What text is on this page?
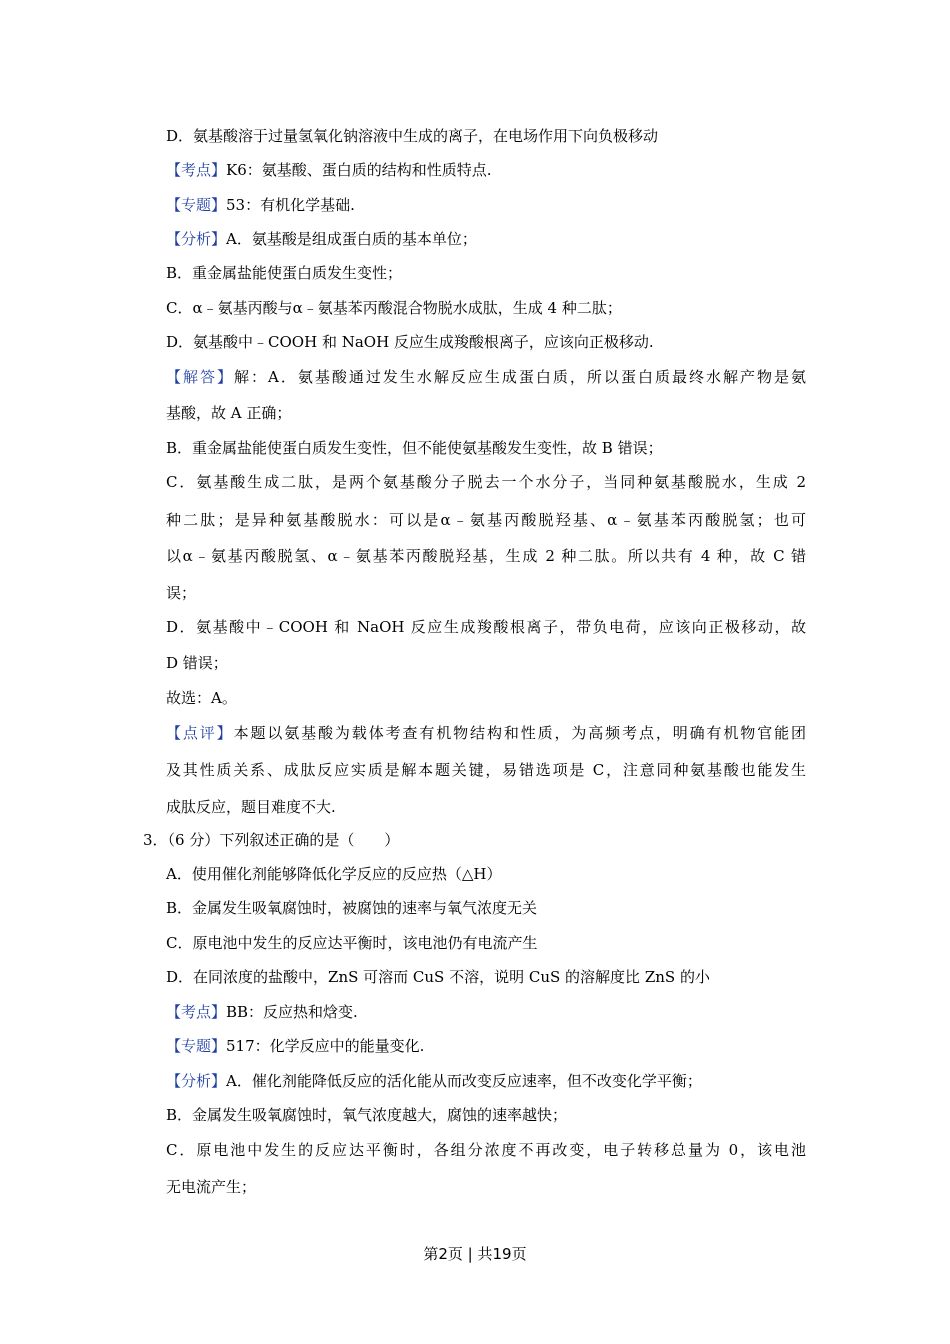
D．氨基酸溶于过量氢氧化钠溶液中生成的离子，在电场作用下向负极移动
【考点】K6：氨基酸、蛋白质的结构和性质特点.
【专题】53：有机化学基础.
【分析】A．氨基酸是组成蛋白质的基本单位；
B．重金属盐能使蛋白质发生变性；
C．α﹣氨基丙酸与α﹣氨基苯丙酸混合物脱水成肽，生成 4 种二肽；
D．氨基酸中﹣COOH 和 NaOH 反应生成羧酸根离子，应该向正极移动.
【解答】解：A．氨基酸通过发生水解反应生成蛋白质，所以蛋白质最终水解产物是氨
基酸，故 A 正确；
B．重金属盐能使蛋白质发生变性，但不能使氨基酸发生变性，故 B 错误；
C．氨基酸生成二肽，是两个氨基酸分子脱去一个水分子，当同种氨基酸脱水，生成 2
种二肽；是异种氨基酸脱水：可以是α﹣氨基丙酸脱羟基、α﹣氨基苯丙酸脱氢；也可
以α﹣氨基丙酸脱氢、α﹣氨基苯丙酸脱羟基，生成 2 种二肽。所以共有 4 种，故 C 错
误；
D．氨基酸中﹣COOH 和 NaOH 反应生成羧酸根离子，带负电荷，应该向正极移动，故
D 错误；
故选：A。
【点评】本题以氨基酸为载体考查有机物结构和性质，为高频考点，明确有机物官能团
及其性质关系、成肽反应实质是解本题关键，易错选项是 C，注意同种氨基酸也能发生
成肽反应，题目难度不大.
3．（6 分）下列叙述正确的是（　　）
A．使用催化剂能够降低化学反应的反应热（△H）
B．金属发生吸氧腐蚀时，被腐蚀的速率与氧气浓度无关
C．原电池中发生的反应达平衡时，该电池仍有电流产生
D．在同浓度的盐酸中，ZnS 可溶而 CuS 不溶，说明 CuS 的溶解度比 ZnS 的小
【考点】BB：反应热和焓变.
【专题】517：化学反应中的能量变化.
【分析】A．催化剂能降低反应的活化能从而改变反应速率，但不改变化学平衡；
B．金属发生吸氧腐蚀时，氧气浓度越大，腐蚀的速率越快；
C．原电池中发生的反应达平衡时，各组分浓度不再改变，电子转移总量为 0，该电池
无电流产生；
第2页 | 共19页
